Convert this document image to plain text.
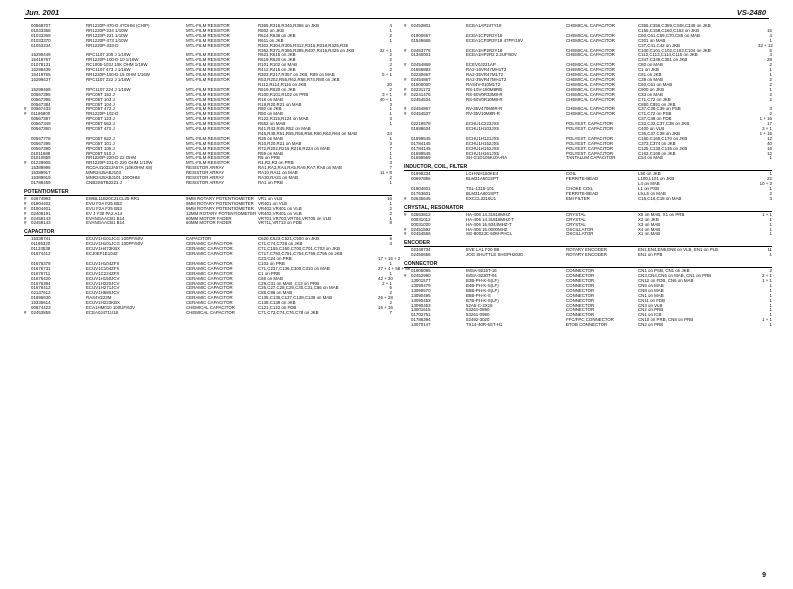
Jun. 2001	VS-2480
00568707	RR1220P-470-D 47OHM (CHIP)	MTL-FILM RESISTOR	R365,R315,R345,R356 on JKB	4
01033368	RR1220P-224 1/10W	MTL-FILM RESISTOR	R602 on JKB	1
01033369	RR1220P-221 1/10W	MTL-FILM RESISTOR	R614,R636 on JKB	2
01033370	RR1220P-473 1/10W	MTL-FILM RESISTOR	R611 on JKB	1
01053234	RR1220P-333-D	MTL-FILM RESISTOR	R302,R304,R305,R312,R315,R318,R325,R36
R362,R371,R386,R395,R407,R416,R425 on JKB	32 + 1
15299449	RPC1107 105 J 1/16W	MTL-FILM RESISTOR	R621,R615 on JKB	2
15419757	RR1220P-100-D 10 1/16W	MTL-FILM RESISTOR	R619,R620 on JKB	2
01078131	RC1005-103J 10K OHM 1/16W	MTL-FILM RESISTOR	R101,R102 on MAB	2
15299439	RPC1107 473 J 1/16W	MTL-FILM RESISTOR	R412,R415 on JKB	2
15419765	RR1220P-150-D 15 OHM 1/16W	MTL-FILM RESISTOR	R303,R317,R357 on JKB, R89 on MAB	5 + 1
15299437	RPC1107 222 J 1/16W	MTL-FILM RESISTOR	R53,R202,R56,R62,R68,R74,R80 on JKB
R112,R114,R116 on JKB	20
15299468	RPC1107 224 J 1/16W	MTL-FILM RESISTOR	R619,R620 on JKB	2
00567395	RPC05T 152 J	MTL-FILM RESISTOR	R100,R101,R102 on PRB	3 + 1
00567396	RPC05T 103 J	MTL-FILM RESISTOR	R18 on MAB	40 + 1
00567384	RPC05T 104 J	MTL-FILM RESISTOR	R19,R20,R21 on MAB	3
#	00567433	RPC05T 472 J	MTL-FILM RESISTOR	R80 on JKB	1
#	01186800	RR1220P-102-D	MTL-FILM RESISTOR	R50 on MAB	1
00567387	RPC05T 123 J	MTL-FILM RESISTOR	R123,R115,R124 on MAB	3
00567349	RPC05T 562 J	MTL-FILM RESISTOR	R562 on MAB	1
00567360	RPC05T 470 J	MTL-FILM RESISTOR	R41,R43,R45,R52 on MAB
R46,R48,R51,R55,R56,R58,R60,R62,R64 on MAB	24
00567778	RPC05T 822 J	MTL-FILM RESISTOR	R36 on MAB	1
00567395	RPC05T 101 J	MTL-FILM RESISTOR	R10,R20,R21 on MAB	3
00567390	RPC05T 105 J	MTL-FILM RESISTOR	R72,R202,R215,R216,R224 on MAB	7
01011689	RPC05T 510 J	MTL-FILM RESISTOR	R59 on MAB	1
01010859	RR1220P-220-D 22 OHM	MTL-FILM RESISTOR	R5 on PRB	1
#	01228905	RR1220P-221-D 220 OHM 1/10W	MTL-FILM RESISTOR	R1,R2,R3 on PRB	3
15389996	RCDA41033JA57A (10KOHM X8)	RESISTOR ARRAY	RA1,RA2,RA4,RA5,RA6,RA7,RA8 on MAB	7
15389917	MNR34J5ABJ103	RESISTOR ARRAY	RA10,RA11 on MAB	11 + 8
15389919	MNR34J5ABJ101 100OHM	RESISTOR ARRAY	RA30,RA31 on MAB	2
01788469	CNB3S6TB2221 J	RESISTOR ARRAY	RA1 on PRB	1
POTENTIOMETER
#	02674993	EWBL11B20C21CL25 RR1	9MM ROTARY POTENTIOMETER VR1 on VLB	16
#	01904402	EVU F2A F25 B53	9MM ROTARY POTENTIOMETER VR401 on VLB	1
#	01904401	EVU F2A F25 B53	9MM ROTARY POTENTIOMETER VR402,VR401 on VLB	2
#	02409191	EV J Y30 PA2 A14	12MM ROTARY POTENTIOMETER VR402,VR401 on VLB	2
#	02459143	EVANGAACB1 B14	60MM MOTOR FADER	VR701,VR703,VR704,VR705 on VLB	1
#	02459143	EVANGAACB1 B14	60MM MOTOR FADER	VR711,VR713 on FDB	8
CAPACITOR
15339741	ECUV1H101JCG 100PF/50V	CAPACITOR	C620,C623,C521,C500 on JKB	6
01186320	ECUV1H101JCG 100PF/50V	CERAMIC CAPACITOR	C71,C74,C728 on JKB	3
01133538	ECUV1H473KBX	CERAMIC CAPACITOR	C71,C155,C160,C700,C701,C703 on JKB
01674412	ECJ0EF1E104Z	CERAMIC CAPACITOR	C717,C750,C751,C754,C755,C756 on JKB
C23,C24 on PRB	17 + 15 + 2
01676378	ECUV1H104ZFX	CERAMIC CAPACITOR	C103 on PRB	1
01676731	ECUV1C104ZFX	CERAMIC CAPACITOR	C71,C237,C136,C300,C310 on MAB	27 + 4 + 58 + 58
01676711	ECUV1C224ZFX	CERAMIC CAPACITOR	C1 on PRB	1
01676420	ECUV1H150JCV	CERAMIC CAPACITOR	C66 on MAB	42 + 30
01676394	ECUV1H220JCV	CERAMIC CAPACITOR	C29,C31 on MAB ,C13 on PRB	2 + 1
01676412	ECUV1H271JCV	CERAMIC CAPACITOR	C26,C27,C28,C29,C30,C31,C86 on MAB	6
02137612	ECUV1H680JCV	CERAMIC CAPACITOR	C85,C86 on MAB	2
01696630	RAS4V223M	CERAMIC CAPACITOR	C135,C136,C137,C138,C139 on MAB	26 + 28
15336614	ECUV1H223KBX	CERAMIC CAPACITOR	C138,C139 on JKB	2
00674423	ECA1HM010 100UF/63V	CHEMICAL CAPACITOR	C121,C122 on FDB	16 + 16
#	02453859	ECEA0J471U18	CHEMICAL CAPACITOR	C71,C72,C74,C76,C78 on JKB	7
#	02453801	ECEA1AP247Y18	CHEMICAL CAPACITOR	C355,C356,C359,C348,C349 on JKB
C156,C158,C160,C162 on JKB	16
01900667	ECEA1CP2R2Y18	CHEMICAL CAPACITOR	C60,C61,C69,C70,C85 on MAB	4
01546665	ECEA1CP3R3Y18 47PF/16V	CHEMICAL CAPACITOR	C301 on MAB	1
C37,C41,C42 on JKB	32 + 12
#	02453776	ECEA1HP2R2Y18	CHEMICAL CAPACITOR	C100,C101,C102,C103,C104 on JKB	5
01340001	ECEA1HP2R2 2.2UF/50V	CHEMICAL CAPACITOR	C112,C113,C114,C115 on JKB	4
C347,C349,C351 on JKB	28
#	02454869	ECEV0J221AP	CHEMICAL CAPACITOR	C80 on MAB	2
01656893	RA2-16VR47MH1T2	CHEMICAL CAPACITOR	C1 on JKB	1
02230667	RA2-35VR47M1T2	CHEMICAL CAPACITOR	C81 on JKB	1
#	02454867	RA2-35VR47MH1T2	CHEMICAL CAPACITOR	C38 on MAB	2
01900000	RAS4V-010M1T2	CHEMICAL CAPACITOR	C60,C61 on MAB	2
#	02231173	RS-10V-180M8RB	CHEMICAL CAPACITOR	C900 on JKB	1
#	02241476	RS-50V0R33M8-R	CHEMICAL CAPACITOR	C33 on MAB	2
02454534	RS-50V0R10M8-R	CHEMICAL CAPACITOR	C71,C72 on JKB	2
C850,C851 on JKB
#	02454867	RV-35V470M8R-R	CHEMICAL CAPACITOR	C37,C38,C39 on PSB	3
#	02454537	RV-35V10M8R-R	CHEMICAL CAPACITOR	C71,C72 on PSB	2
C37,C38 on FDB	1 + 16
02218578	ECHU1C223JX5	POLYEST. CAPACITOR	C32,C33,C37,C38 on JKB	17
01698634	ECHU1H103JX5	POLYEST. CAPACITOR	C400 on VLB	3 + 1
C36,C37,C38 on JKB	1 + 16
01699545	ECHU1H121JX5	POLYEST. CAPACITOR	C160,C165,C170 on JKB	12
01784145	ECHU1H152JX5	POLYEST. CAPACITOR	C373,C374 on JKB	40
01784145	ECHU1H152JX5	POLYEST. CAPACITOR	C125,C130,C135 on JKB	16
01698545	ECHU1H161JX5	POLYEST. CAPACITOR	C163,C168 on JKB	12
01696569	SH-G1D105K/ZA-RA	TANTALUM CAPACITOR	C54 on MAB	1
INDUCTOR, COIL, FILTER
01698234	LCH-NH150KE4	COIL	L50 on JKB	1
00697856	BLM31A601SPT	FERRITE-BEAD	L100,L101 on JKB	22
L4 on MAB	10 + 3
01904601	TSL-1315-101	CHOKE COIL	L1 on PSB	1
01763601	BLM31A601SPT	FERRITE-BEAD	L5,L6 on MAB	2
#	02645645	EXCCL3216U1	EMI FILTER	C15,C16,C18 on MAB	3
CRYSTAL, RESONATOR
#	02553812	HA-406 14.31818MHZ	CRYSTAL	X5 on MAB, X1 on PRB	1 + 1
00031012	HA-406 14.31818MHZ-T	CRYSTAL	X2 on JKB	1
00031030	HA-406 16.9344MHZ-T	CRYSTAL	X3 on MAB	1
#	02451592	HA-406 16.0000MHZ	OSCILLATOR	X4 on MAB	1
#	02454556	SG-8002JC-50M-PHCL	OSCILLATOR	X1 on MAB	1
ENCODER
02348734	EVE LA1 F20 B8	ROTARY ENCODER	EN1,EN4,EN5,EN8 on VLB, EN1 on PLB	11
02450656	JOG SHUTTLE SHGPH2030	ROTARY ENCODER	EN1 on FPB	1
CONNECTOR
01905095	IMSA-9215T-16	CONNECTOR	CN1 on PSB, CN1 on JKB	2
#	02452990	IMSA-9230T-04	CONNECTOR	CN3,CN4,CN5 on MAB, CN1 on PRB	2 + 1
13001577	B3B-PH-K-S(LF)	CONNECTOR	CN12 on FDB, CN6 on MAB	1 + 1
13090479	B4B-PH-K-S(LF)	CONNECTOR	CN5 on MAB	1
13090570	B5B-PH-K-S(LF)	CONNECTOR	CN8 on MAB	1
13090495	B6B-PH-K-S	CONNECTOR	CN1 on MAB	1
13090453	B7B-PH-K-S(LF)	CONNECTOR	CN11 on FDB	1
13090453	52A5-C-2X15	CONNECTOR	CN3 on VLB	1
13001615	53261-0890	CONNECTOR	CN2 on PRB	1
01702751	53261-0990	CONNECTOR	CN1 on ICB	1
01786394	52492-3020	FFC/FPC CONNECTOR	CN10 on PRB, CN8 on PRB	1 + 1
13070147	TX14-40R-6ST-H1	BTOB CONNECTOR	CN2 on PRB	1
9
